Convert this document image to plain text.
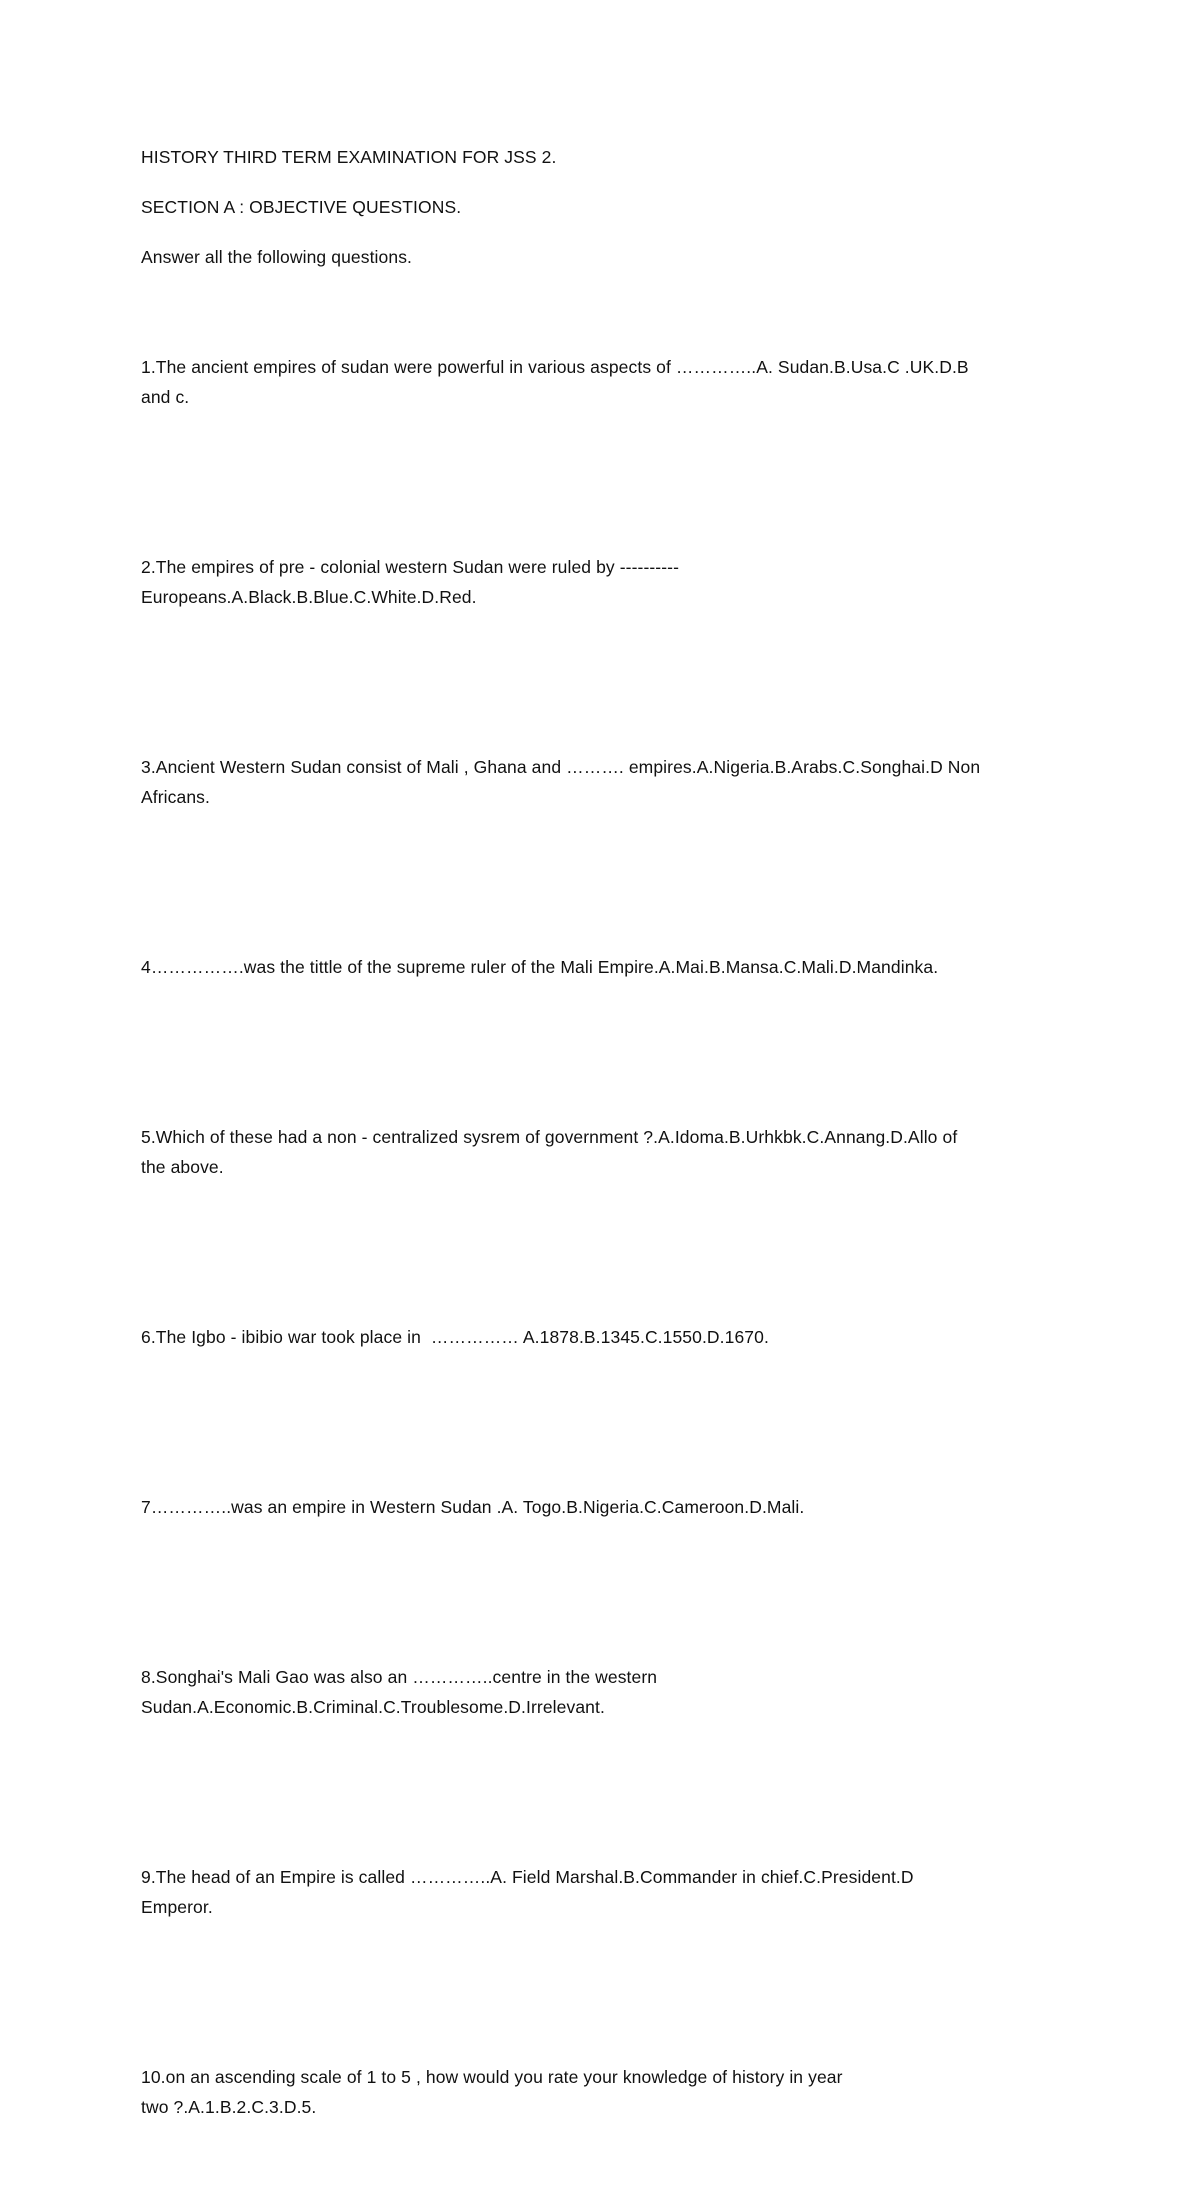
HISTORY THIRD TERM EXAMINATION FOR JSS 2.

SECTION A : OBJECTIVE QUESTIONS.

Answer all the following questions.

1.The ancient empires of sudan were powerful in various aspects of …………..A. Sudan.B.Usa.C .UK.D.B
and c.

2.The empires of pre - colonial western Sudan were ruled by ----------
Europeans.A.Black.B.Blue.C.White.D.Red.

3.Ancient Western Sudan consist of Mali , Ghana and ………. empires.A.Nigeria.B.Arabs.C.Songhai.D Non
Africans.

4…………….was the tittle of the supreme ruler of the Mali Empire.A.Mai.B.Mansa.C.Mali.D.Mandinka.

5.Which of these had a non - centralized sysrem of government ?.A.Idoma.B.Urhkbk.C.Annang.D.Allo of
the above.

6.The Igbo - ibibio war took place in  …………… A.1878.B.1345.C.1550.D.1670.

7…………..was an empire in Western Sudan .A. Togo.B.Nigeria.C.Cameroon.D.Mali.

8.Songhai's Mali Gao was also an …………..centre in the western
Sudan.A.Economic.B.Criminal.C.Troublesome.D.Irrelevant.

9.The head of an Empire is called …………..A. Field Marshal.B.Commander in chief.C.President.D
Emperor.

10.on an ascending scale of 1 to 5 , how would you rate your knowledge of history in year
two ?.A.1.B.2.C.3.D.5.
